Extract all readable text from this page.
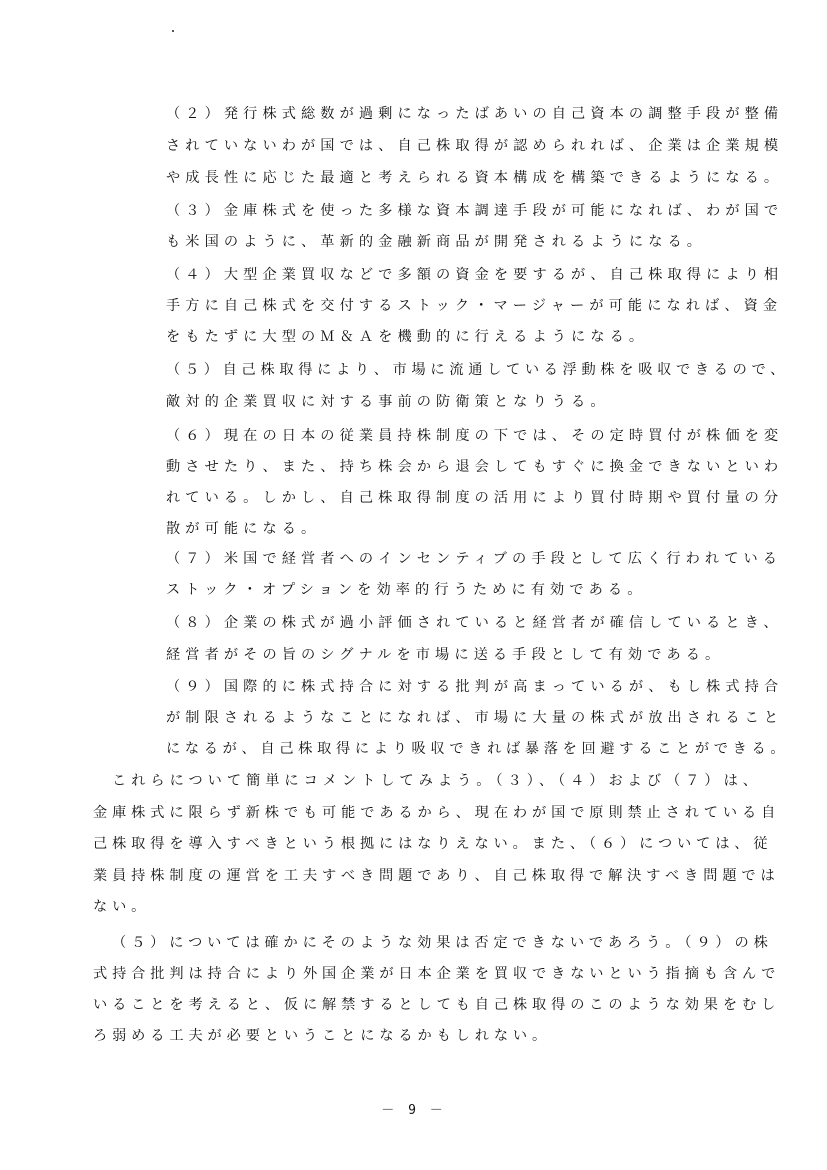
（２）発行株式総数が過剰になったばあいの自己資本の調整手段が整備
されていないわが国では、自己株取得が認められれば、企業は企業規模
や成長性に応じた最適と考えられる資本構成を構築できるようになる。
（３）金庫株式を使った多様な資本調達手段が可能になれば、わが国で
も米国のように、革新的金融新商品が開発されるようになる。
（４）大型企業買収などで多額の資金を要するが、自己株取得により相
手方に自己株式を交付するストック・マージャーが可能になれば、資金
をもたずに大型のＭ＆Ａを機動的に行えるようになる。
（５）自己株取得により、市場に流通している浮動株を吸収できるので、
敵対的企業買収に対する事前の防衛策となりうる。
（６）現在の日本の従業員持株制度の下では、その定時買付が株価を変
動させたり、また、持ち株会から退会してもすぐに換金できないといわ
れている。しかし、自己株取得制度の活用により買付時期や買付量の分
散が可能になる。
（７）米国で経営者へのインセンティブの手段として広く行われている
ストック・オプションを効率的行うために有効である。
（８）企業の株式が過小評価されていると経営者が確信しているとき、
経営者がその旨のシグナルを市場に送る手段として有効である。
（９）国際的に株式持合に対する批判が高まっているが、もし株式持合
が制限されるようなことになれば、市場に大量の株式が放出されること
になるが、自己株取得により吸収できれば暴落を回避することができる。
これらについて簡単にコメントしてみよう。（３）、（４）および（７）は、
金庫株式に限らず新株でも可能であるから、現在わが国で原則禁止されている自
己株取得を導入すべきという根拠にはなりえない。また、（６）については、従
業員持株制度の運営を工夫すべき問題であり、自己株取得で解決すべき問題では
ない。
（５）については確かにそのような効果は否定できないであろう。（９）の株
式持合批判は持合により外国企業が日本企業を買収できないという指摘も含んで
いることを考えると、仮に解禁するとしても自己株取得のこのような効果をむし
ろ弱める工夫が必要ということになるかもしれない。
－ 9 －
